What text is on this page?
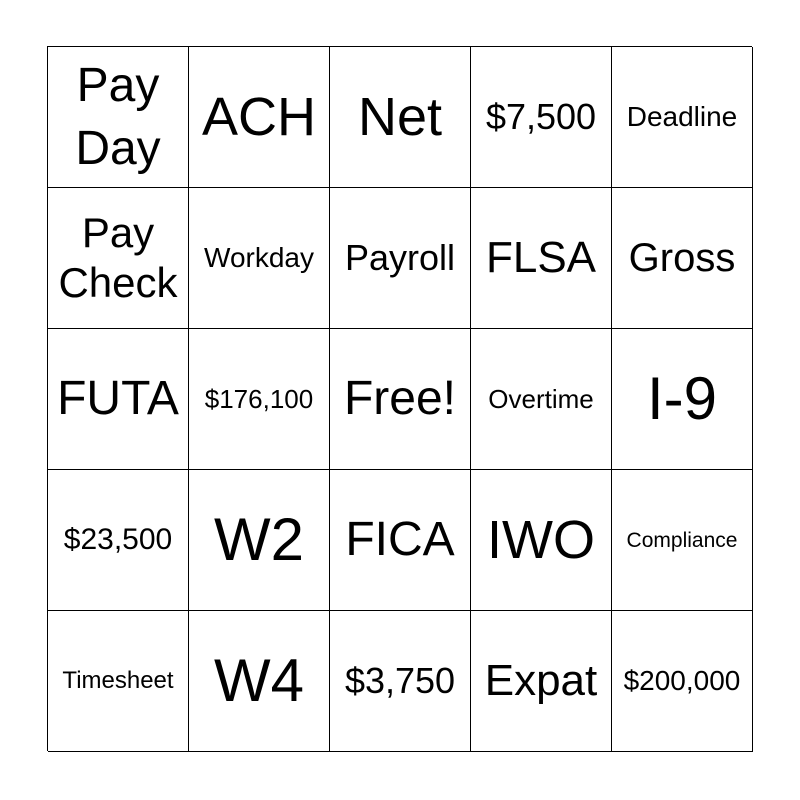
Pay
Day
ACH Net $7,500 Deadline
Pay
Check
Workday Payroll FLSA Gross
FUTA $176,100 Free! Overtime I-9
$23,500 W2 FICA IWO Compliance
Timesheet W4 $3,750 Expat $200,000
